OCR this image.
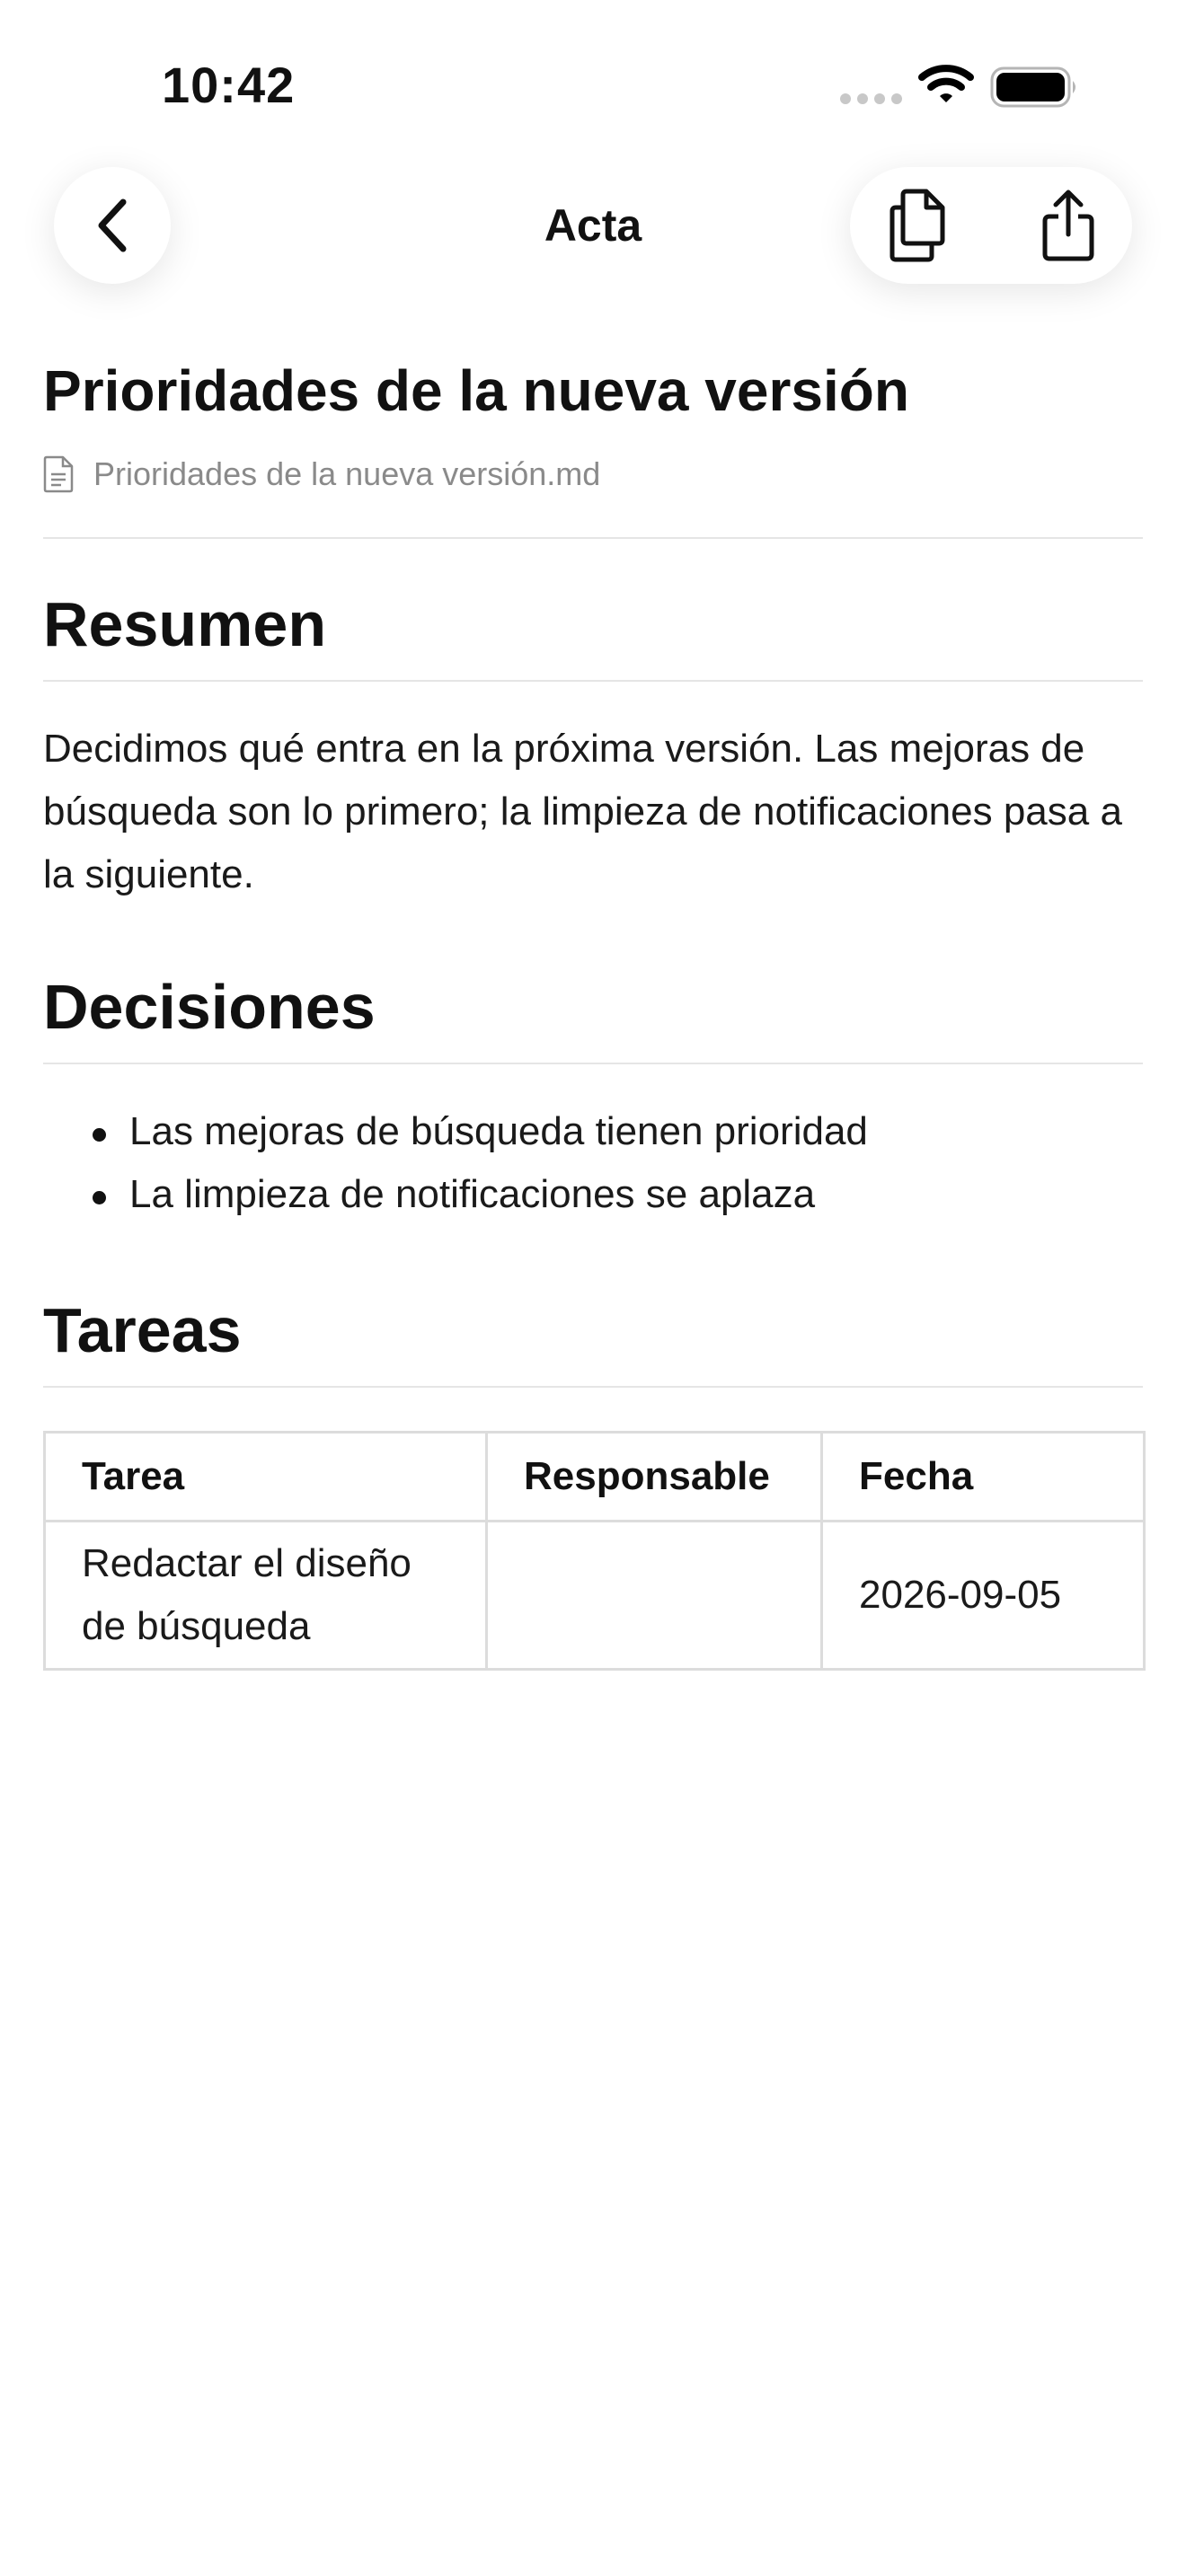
10:42
Acta
Prioridades de la nueva versión
Prioridades de la nueva versión.md
Resumen

Decidimos qué entra en la próxima versión. Las mejoras de búsqueda son lo primero; la limpieza de notificaciones pasa a la siguiente.

Decisiones
Las mejoras de búsqueda tienen prioridad
La limpieza de notificaciones se aplaza
Tareas
Tarea	Responsable	Fecha
Redactar el diseño de búsqueda		2026-09-05
